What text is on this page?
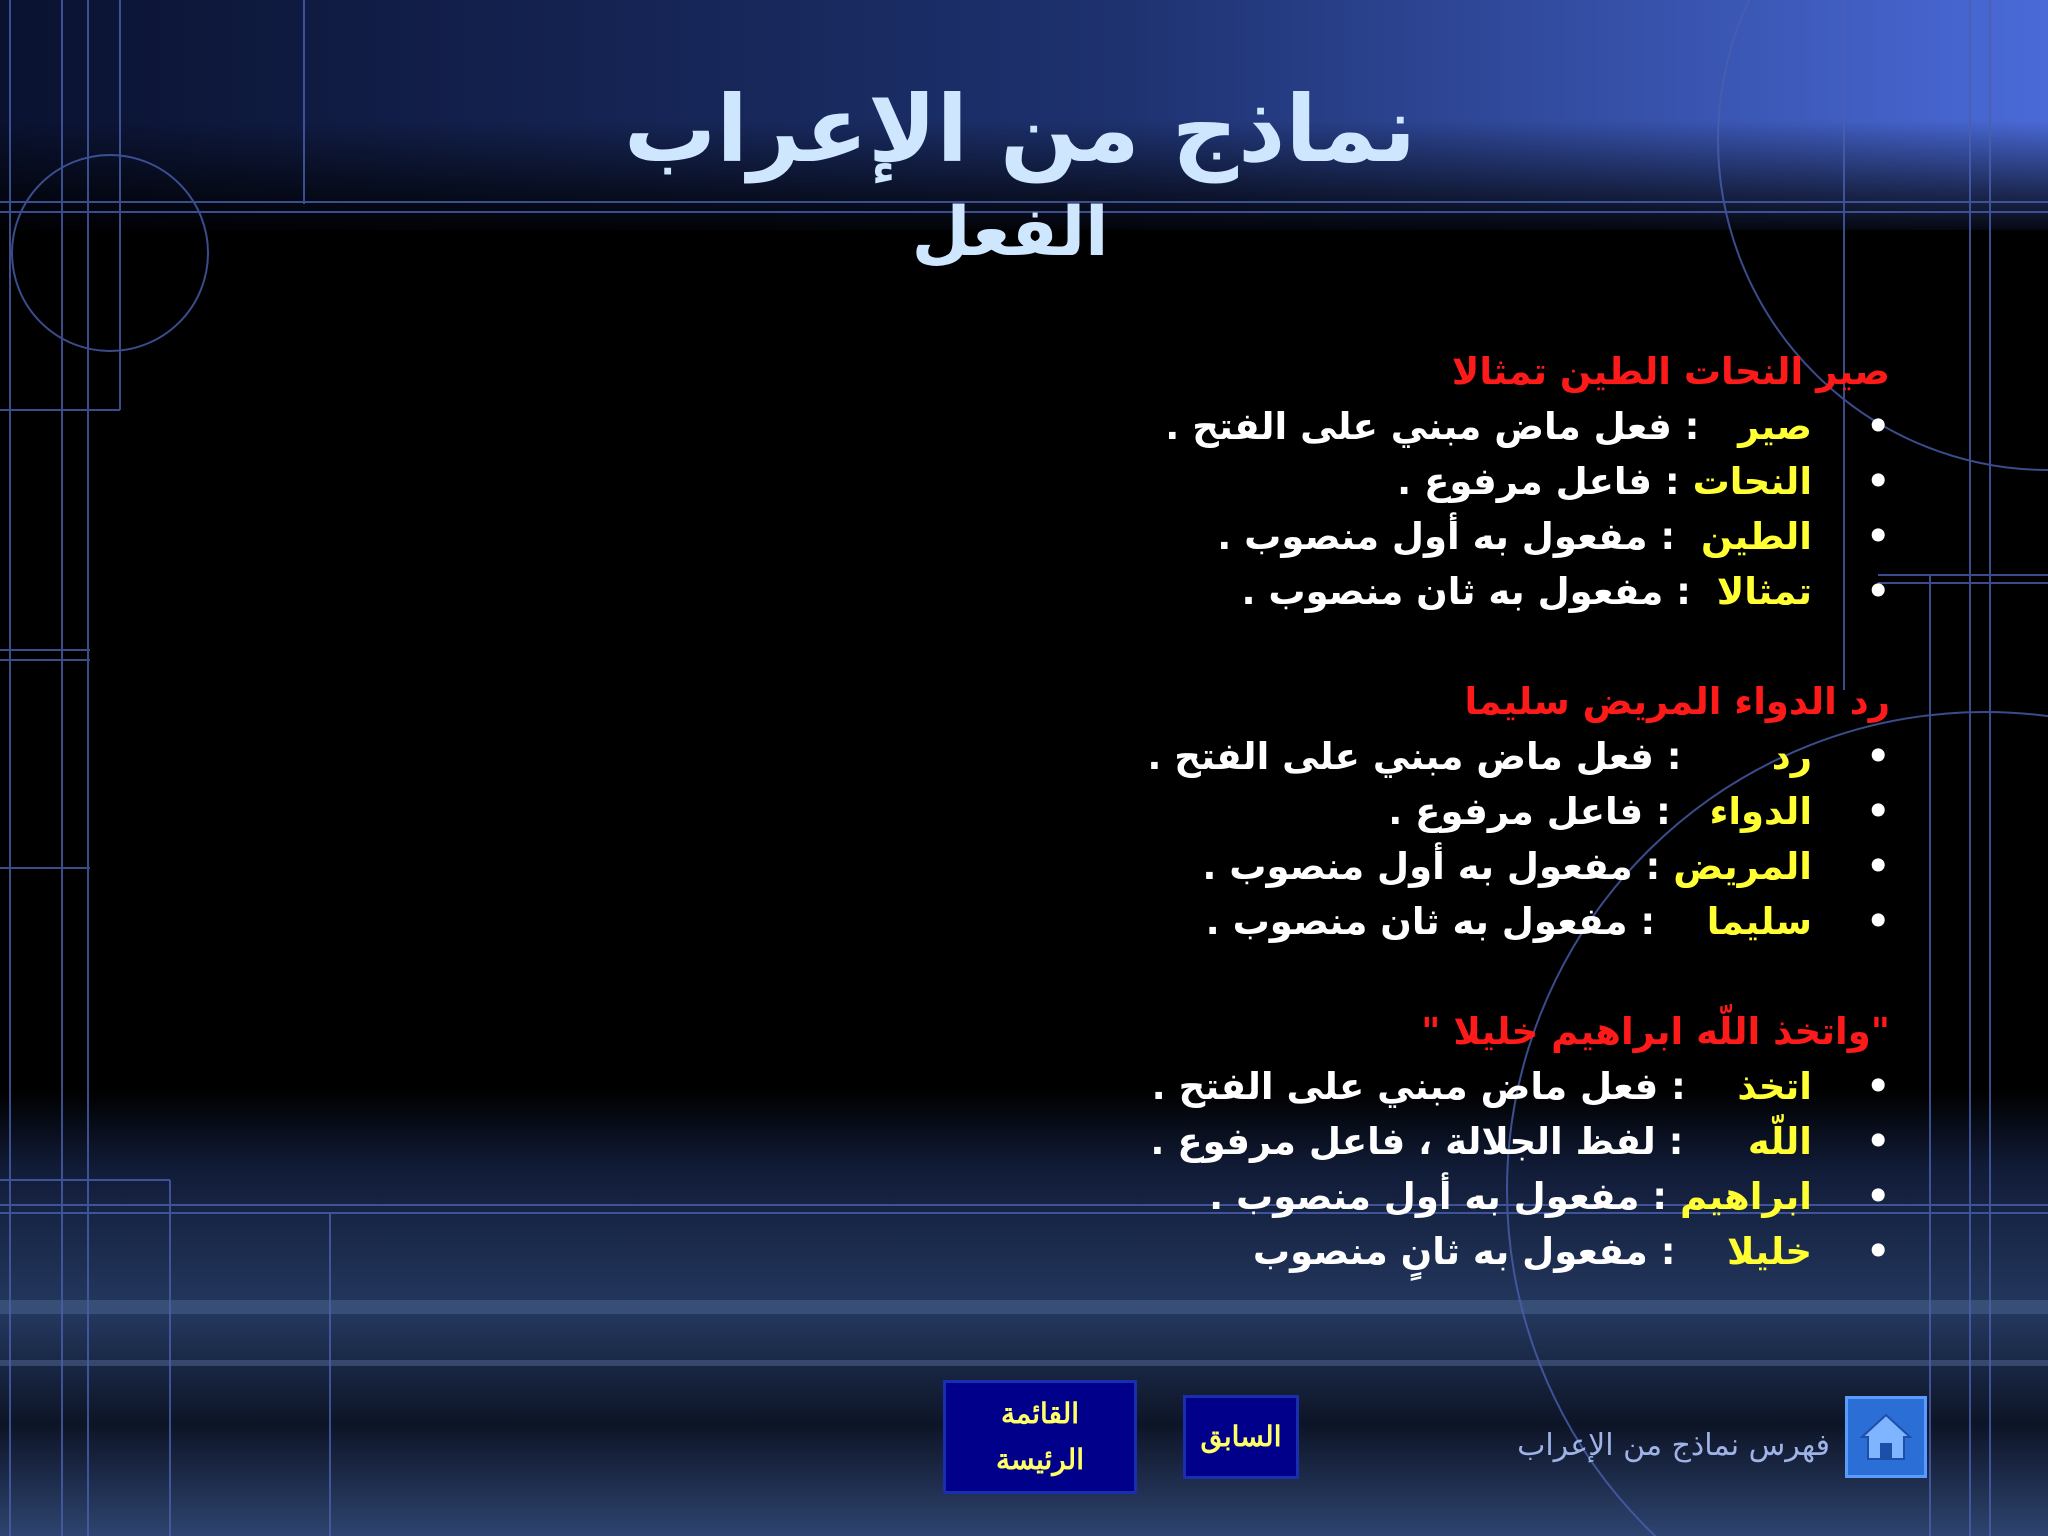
نماذج من الإعراب
الفعل
صير النحات الطين تمثالا
•
صير   : فعل ماض مبني على الفتح .
•
النحات : فاعل مرفوع .
•
الطين  : مفعول به أول منصوب .
•
تمثالا  : مفعول به ثان منصوب .
رد الدواء المريض سليما
•
رد       : فعل ماض مبني على الفتح .
•
الدواء   : فاعل مرفوع .
•
المريض : مفعول به أول منصوب .
•
سليما    : مفعول به ثان منصوب .
"واتخذ اللّه ابراهيم خليلا "
•
اتخذ    : فعل ماض مبني على الفتح .
•
اللّه     : لفظ الجلالة ، فاعل مرفوع .
•
ابراهيم : مفعول به أول منصوب .
•
خليلا    : مفعول به ثانٍ منصوب
القائمة
الرئيسة
السابق	فهرس نماذج من الإعراب
